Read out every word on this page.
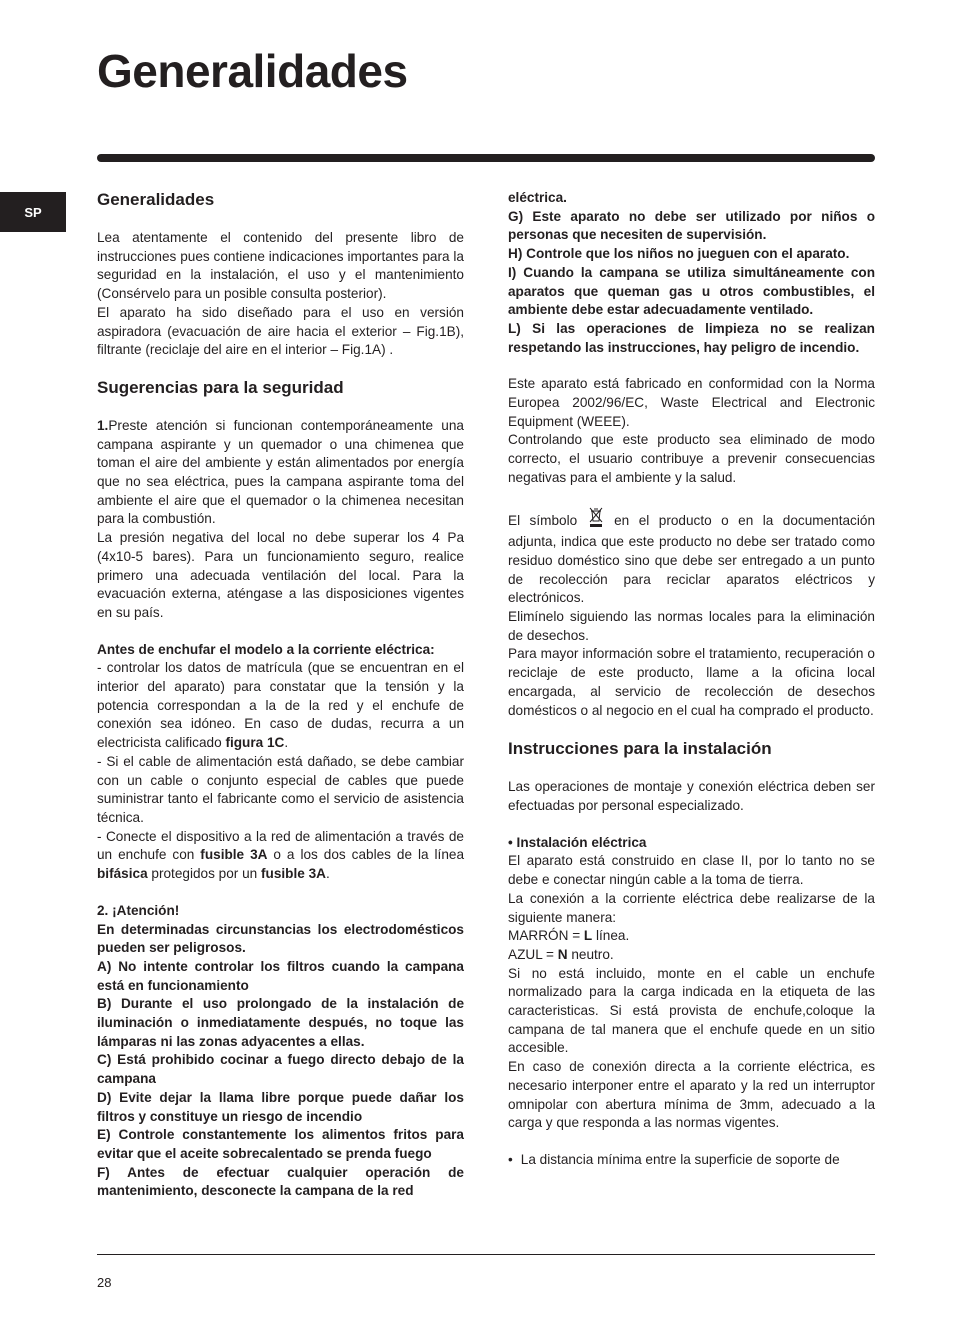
Generalidades
SP
Generalidades

Lea atentamente el contenido del presente libro de instrucciones pues contiene indicaciones importantes para la seguridad en la instalación, el uso y el mantenimiento (Consérvelo para un posible consulta posterior).

El aparato ha sido diseñado para el uso en versión aspiradora (evacuación de aire hacia el exterior – Fig.1B), filtrante (reciclaje del aire en el interior – Fig.1A) .

Sugerencias para la seguridad

1.Preste atención si funcionan contemporáneamente una campana aspirante y un quemador o una chimenea que toman el aire del ambiente y están alimentados por energía que no sea eléctrica, pues la campana aspirante toma del ambiente el aire que el quemador o la chimenea necesitan para la combustión.

La presión negativa del local no debe superar los 4 Pa (4x10-5 bares). Para un funcionamiento seguro, realice primero una adecuada ventilación del local. Para la evacuación externa, aténgase a las disposiciones vigentes en su país.

Antes de enchufar el modelo a la corriente eléctrica:

- controlar los datos de matrícula (que se encuentran en el interior del aparato) para constatar que la tensión y la potencia correspondan a la de la red y el enchufe de conexión sea idóneo. En caso de dudas, recurra a un electricista calificado figura 1C.

- Si el cable de alimentación está dañado, se debe cambiar con un cable o conjunto especial de cables que puede suministrar tanto el fabricante como el servicio de asistencia técnica.

- Conecte el dispositivo a la red de alimentación a través de un enchufe con fusible 3A o a los dos cables de la línea bifásica protegidos por un fusible 3A.

2. ¡Atención!

En determinadas circunstancias los electrodomésticos pueden ser peligrosos.

A) No intente controlar los filtros cuando la campana está en funcionamiento

B) Durante el uso prolongado de la instalación de iluminación o inmediatamente después, no toque las lámparas ni las zonas adyacentes a ellas.

C) Está prohibido cocinar a fuego directo debajo de la campana

D) Evite dejar la llama libre porque puede dañar los filtros y constituye un riesgo de incendio

E) Controle constantemente los alimentos fritos para evitar que el aceite sobrecalentado se prenda fuego

F) Antes de efectuar cualquier operación de mantenimiento, desconecte la campana de la red

eléctrica.

G) Este aparato no debe ser utilizado por niños o personas que necesiten de supervisión.

H) Controle que los niños no jueguen con el aparato.

I) Cuando la campana se utiliza simultáneamente con aparatos que queman gas u otros combustibles, el ambiente debe estar adecuadamente ventilado.

L) Si las operaciones de limpieza no se realizan respetando las instrucciones, hay peligro de incendio.

Este aparato está fabricado en conformidad con la Norma Europea 2002/96/EC, Waste Electrical and Electronic Equipment (WEEE).

Controlando que este producto sea eliminado de modo correcto, el usuario contribuye a prevenir consecuencias negativas para el ambiente y la salud.

El símbolo  en el producto o en la documentación adjunta, indica que este producto no debe ser tratado como residuo doméstico sino que debe ser entregado a un punto de recolección para reciclar aparatos eléctricos y electrónicos.

Elimínelo siguiendo las normas locales para la eliminación de desechos.

Para mayor información sobre el tratamiento, recuperación o reciclaje de este producto, llame a la oficina local encargada, al servicio de recolección de desechos domésticos o al negocio en el cual ha comprado el producto.

Instrucciones para la instalación

Las operaciones de montaje y conexión eléctrica deben ser efectuadas por personal especializado.

• Instalación eléctrica

El aparato está construido en clase II, por lo tanto no se debe e conectar ningún cable a la toma de tierra.

La conexión a la corriente eléctrica debe realizarse de la siguiente manera:

MARRÓN = L línea.

AZUL = N neutro.

Si no está incluido, monte en el cable un enchufe normalizado para la carga indicada en la etiqueta de las caracteristicas. Si está provista de enchufe,coloque la campana de tal manera que el enchufe quede en un sitio accesible.

En caso de conexión directa a la corriente eléctrica, es necesario interponer entre el aparato y la red un interruptor omnipolar con abertura mínima de 3mm, adecuado a la carga y que responda a las normas vigentes.

• La distancia mínima entre la superficie de soporte de
28
